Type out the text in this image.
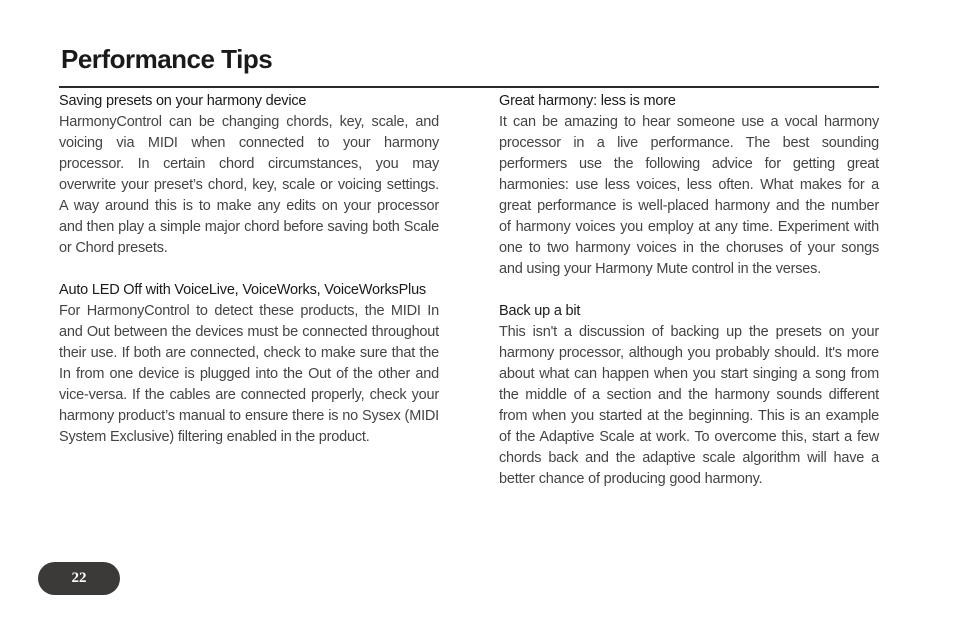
Performance Tips

Saving presets on your harmony device

HarmonyControl can be changing chords, key, scale, and voicing via MIDI when connected to your harmony processor. In certain chord circumstances, you may overwrite your preset’s chord, key, scale or voicing settings. A way around this is to make any edits on your processor and then play a simple major chord before saving both Scale or Chord presets.

Auto LED Off with VoiceLive, VoiceWorks, VoiceWorksPlus

For HarmonyControl to detect these products, the MIDI In and Out between the devices must be connected throughout their use. If both are connected, check to make sure that the In from one device is plugged into the Out of the other and vice-versa. If the cables are connected properly, check your harmony product’s manual to ensure there is no Sysex (MIDI System Exclusive) filtering enabled in the product.

Great harmony: less is more

It can be amazing to hear someone use a vocal harmony processor in a live performance. The best sounding performers use the following advice for getting great harmonies: use less voices, less often. What makes for a great performance is well-placed harmony and the number of harmony voices you employ at any time. Experiment with one to two harmony voices in the choruses of your songs and using your Harmony Mute control in the verses.

Back up a bit

This isn't a discussion of backing up the presets on your harmony processor, although you probably should. It's more about what can happen when you start singing a song from the middle of a section and the harmony sounds different from when you started at the beginning. This is an example of the Adaptive Scale at work. To overcome this, start a few chords back and the adaptive scale algorithm will have a better chance of producing good harmony.

22
